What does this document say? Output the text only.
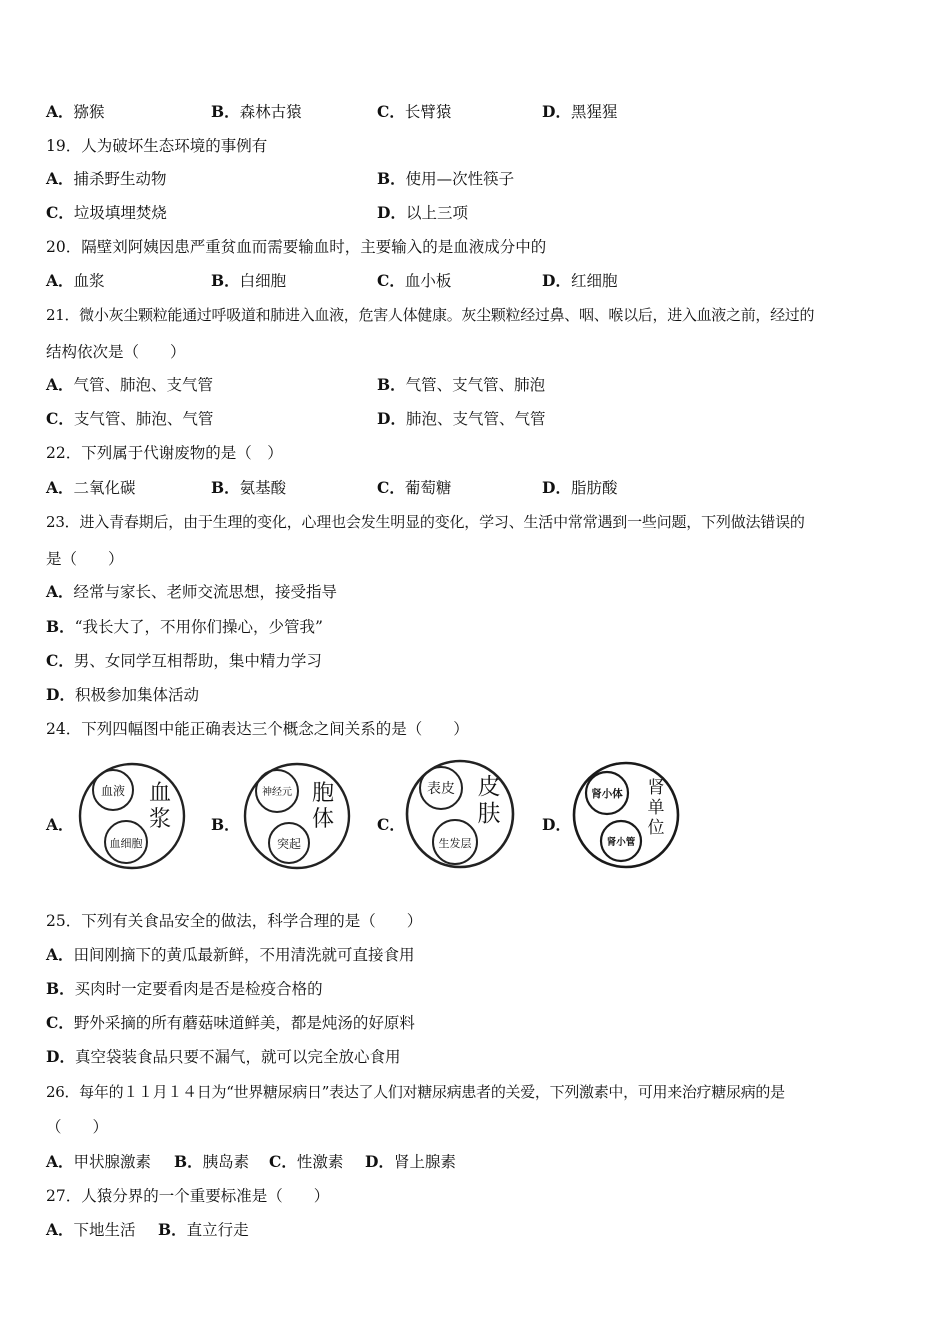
A．猕猴	B．森林古猿	C．长臂猿	D．黑猩猩
19．人为破坏生态环境的事例有
A．捕杀野生动物	B．使用—次性筷子
C．垃圾填埋焚烧	D．以上三项
20．隔壁刘阿姨因患严重贫血而需要输血时，主要输入的是血液成分中的
A．血浆	B．白细胞	C．血小板	D．红细胞
21．微小灰尘颗粒能通过呼吸道和肺进入血液，危害人体健康。灰尘颗粒经过鼻、咽、喉以后，进入血液之前，经过的
结构依次是（　　）
A．气管、肺泡、支气管	B．气管、支气管、肺泡
C．支气管、肺泡、气管	D．肺泡、支气管、气管
22．下列属于代谢废物的是（　）
A．二氧化碳	B．氨基酸	C．葡萄糖	D．脂肪酸
23．进入青春期后，由于生理的变化，心理也会发生明显的变化，学习、生活中常常遇到一些问题，下列做法错误的
是（　　）
A．经常与家长、老师交流思想，接受指导
B．“我长大了，不用你们操心，少管我”
C．男、女同学互相帮助，集中精力学习
D．积极参加集体活动
24．下列四幅图中能正确表达三个概念之间关系的是（　　）
A．
血液
血细胞
血
浆	B．
神经元
突起
胞
体	C．
表皮
生发层
皮
肤	D．
肾小体
肾小管
肾
单
位
25．下列有关食品安全的做法，科学合理的是（　　）
A．田间刚摘下的黄瓜最新鲜，不用清洗就可直接食用
B．买肉时一定要看肉是否是检疫合格的
C．野外采摘的所有蘑菇味道鲜美，都是炖汤的好原料
D．真空袋装食品只要不漏气，就可以完全放心食用
26．每年的１１月１４日为“世界糖尿病日”表达了人们对糖尿病患者的关爱，下列激素中，可用来治疗糖尿病的是
（　　）
A．甲状腺激素 B．胰岛素 C．性激素 D．肾上腺素
27．人猿分界的一个重要标准是（　　）
A．下地生活 B．直立行走
